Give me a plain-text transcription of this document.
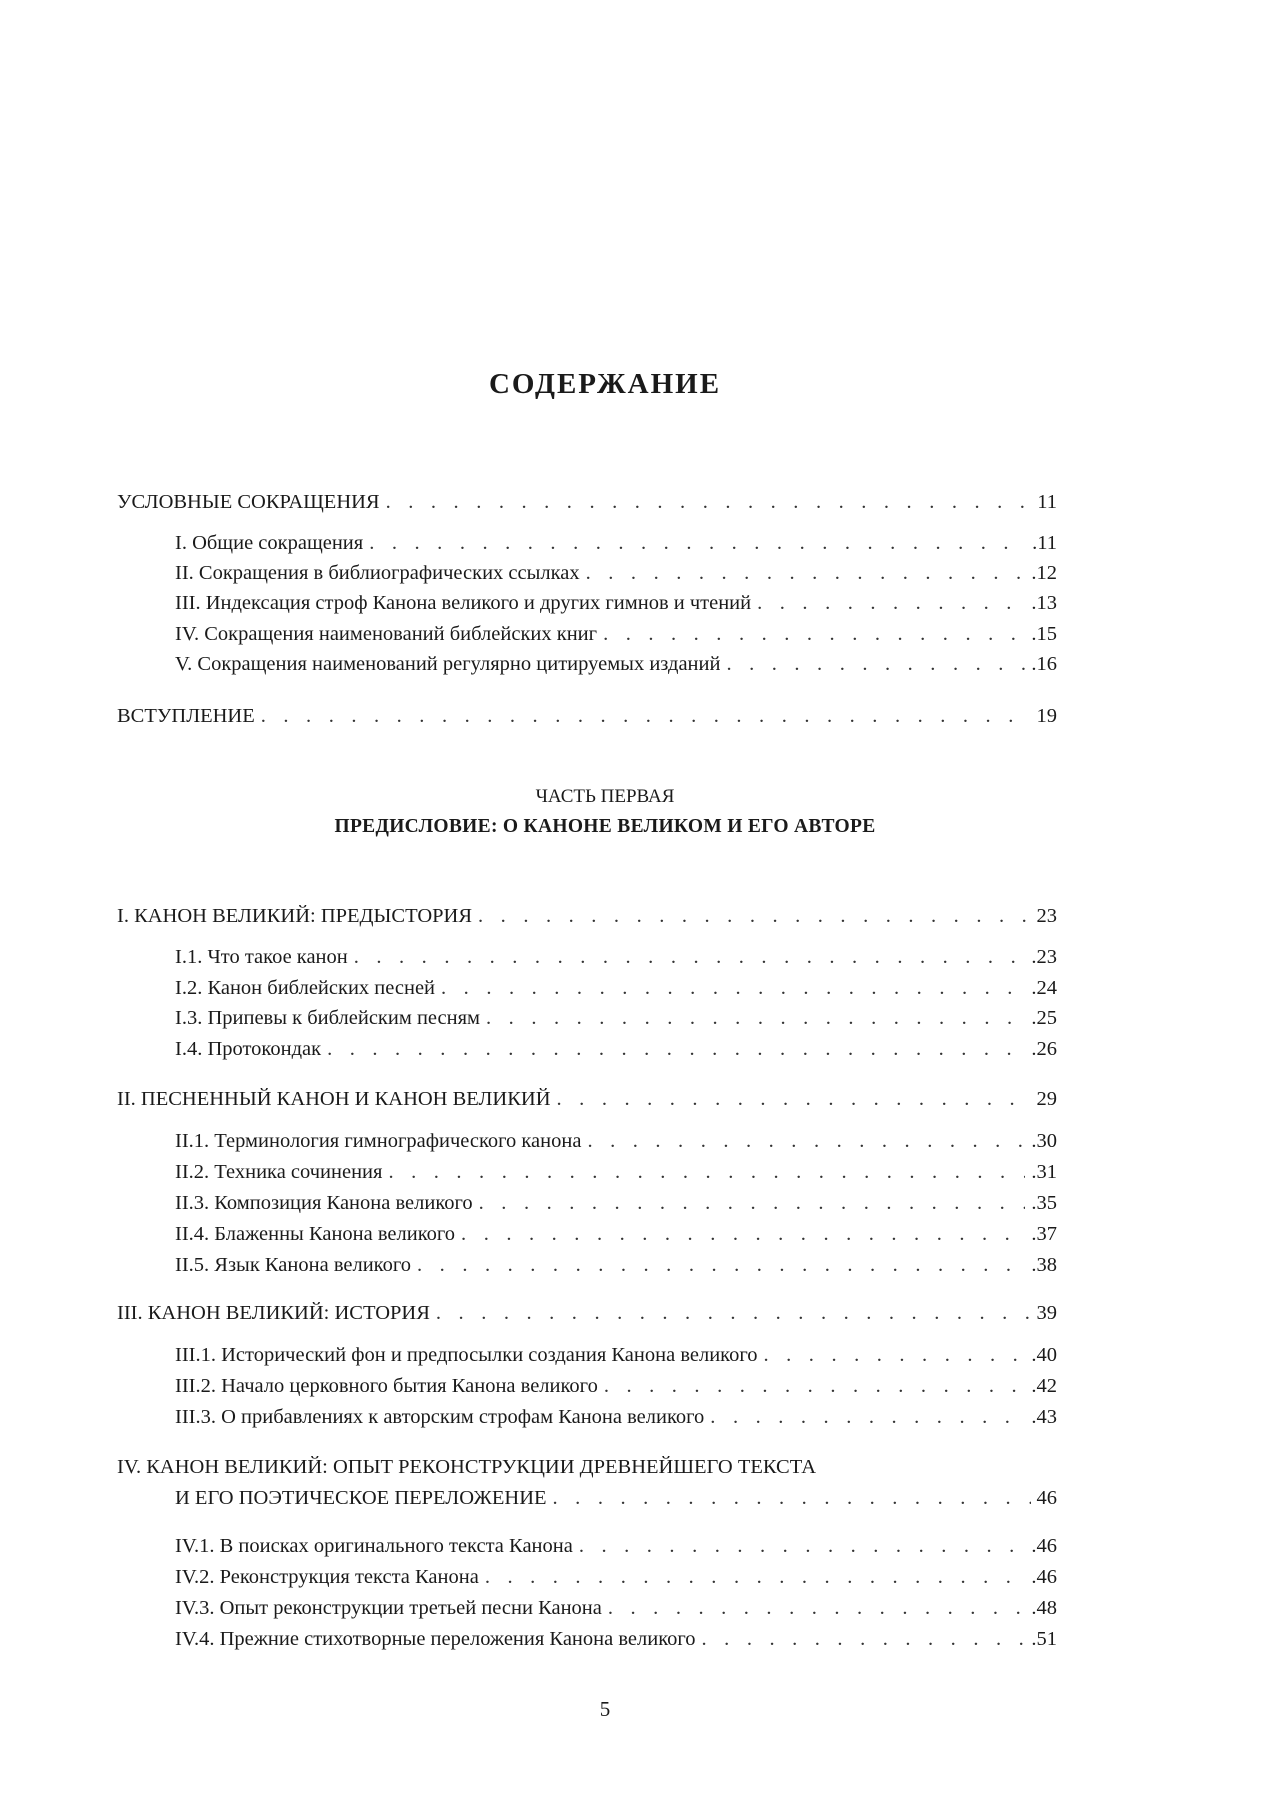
СОДЕРЖАНИЕ
УСЛОВНЫЕ СОКРАЩЕНИЯ . . .	11
I. Общие сокращения . . .	.11
II. Сокращения в библиографических ссылках . . .	.12
III. Индексация строф Канона великого и других гимнов и чтений . . .	.13
IV. Сокращения наименований библейских книг . . .	.15
V. Сокращения наименований регулярно цитируемых изданий . . .	.16
ВСТУПЛЕНИЕ . . .	19
ЧАСТЬ ПЕРВАЯ
ПРЕДИСЛОВИЕ: О КАНОНЕ ВЕЛИКОМ И ЕГО АВТОРЕ
I. КАНОН ВЕЛИКИЙ: ПРЕДЫСТОРИЯ . . .	23
I.1. Что такое канон . . .	.23
I.2. Канон библейских песней . . .	.24
I.3. Припевы к библейским песням . . .	.25
I.4. Протокондак . . .	.26
II. ПЕСНЕННЫЙ КАНОН И КАНОН ВЕЛИКИЙ . . .	29
II.1. Терминология гимнографического канона . . .	.30
II.2. Техника сочинения . . .	.31
II.3. Композиция Канона великого . . .	.35
II.4. Блаженны Канона великого . . .	.37
II.5. Язык Канона великого . . .	.38
III. КАНОН ВЕЛИКИЙ: ИСТОРИЯ . . .	39
III.1. Исторический фон и предпосылки создания Канона великого . . .	.40
III.2. Начало церковного бытия Канона великого . . .	.42
III.3. О прибавлениях к авторским строфам Канона великого . . .	.43
IV. КАНОН ВЕЛИКИЙ: ОПЫТ РЕКОНСТРУКЦИИ ДРЕВНЕЙШЕГО ТЕКСТА
И ЕГО ПОЭТИЧЕСКОЕ ПЕРЕЛОЖЕНИЕ . . .	46
IV.1. В поисках оригинального текста Канона . . .	.46
IV.2. Реконструкция текста Канона . . .	.46
IV.3. Опыт реконструкции третьей песни Канона . . .	.48
IV.4. Прежние стихотворные переложения Канона великого . . .	.51
5
